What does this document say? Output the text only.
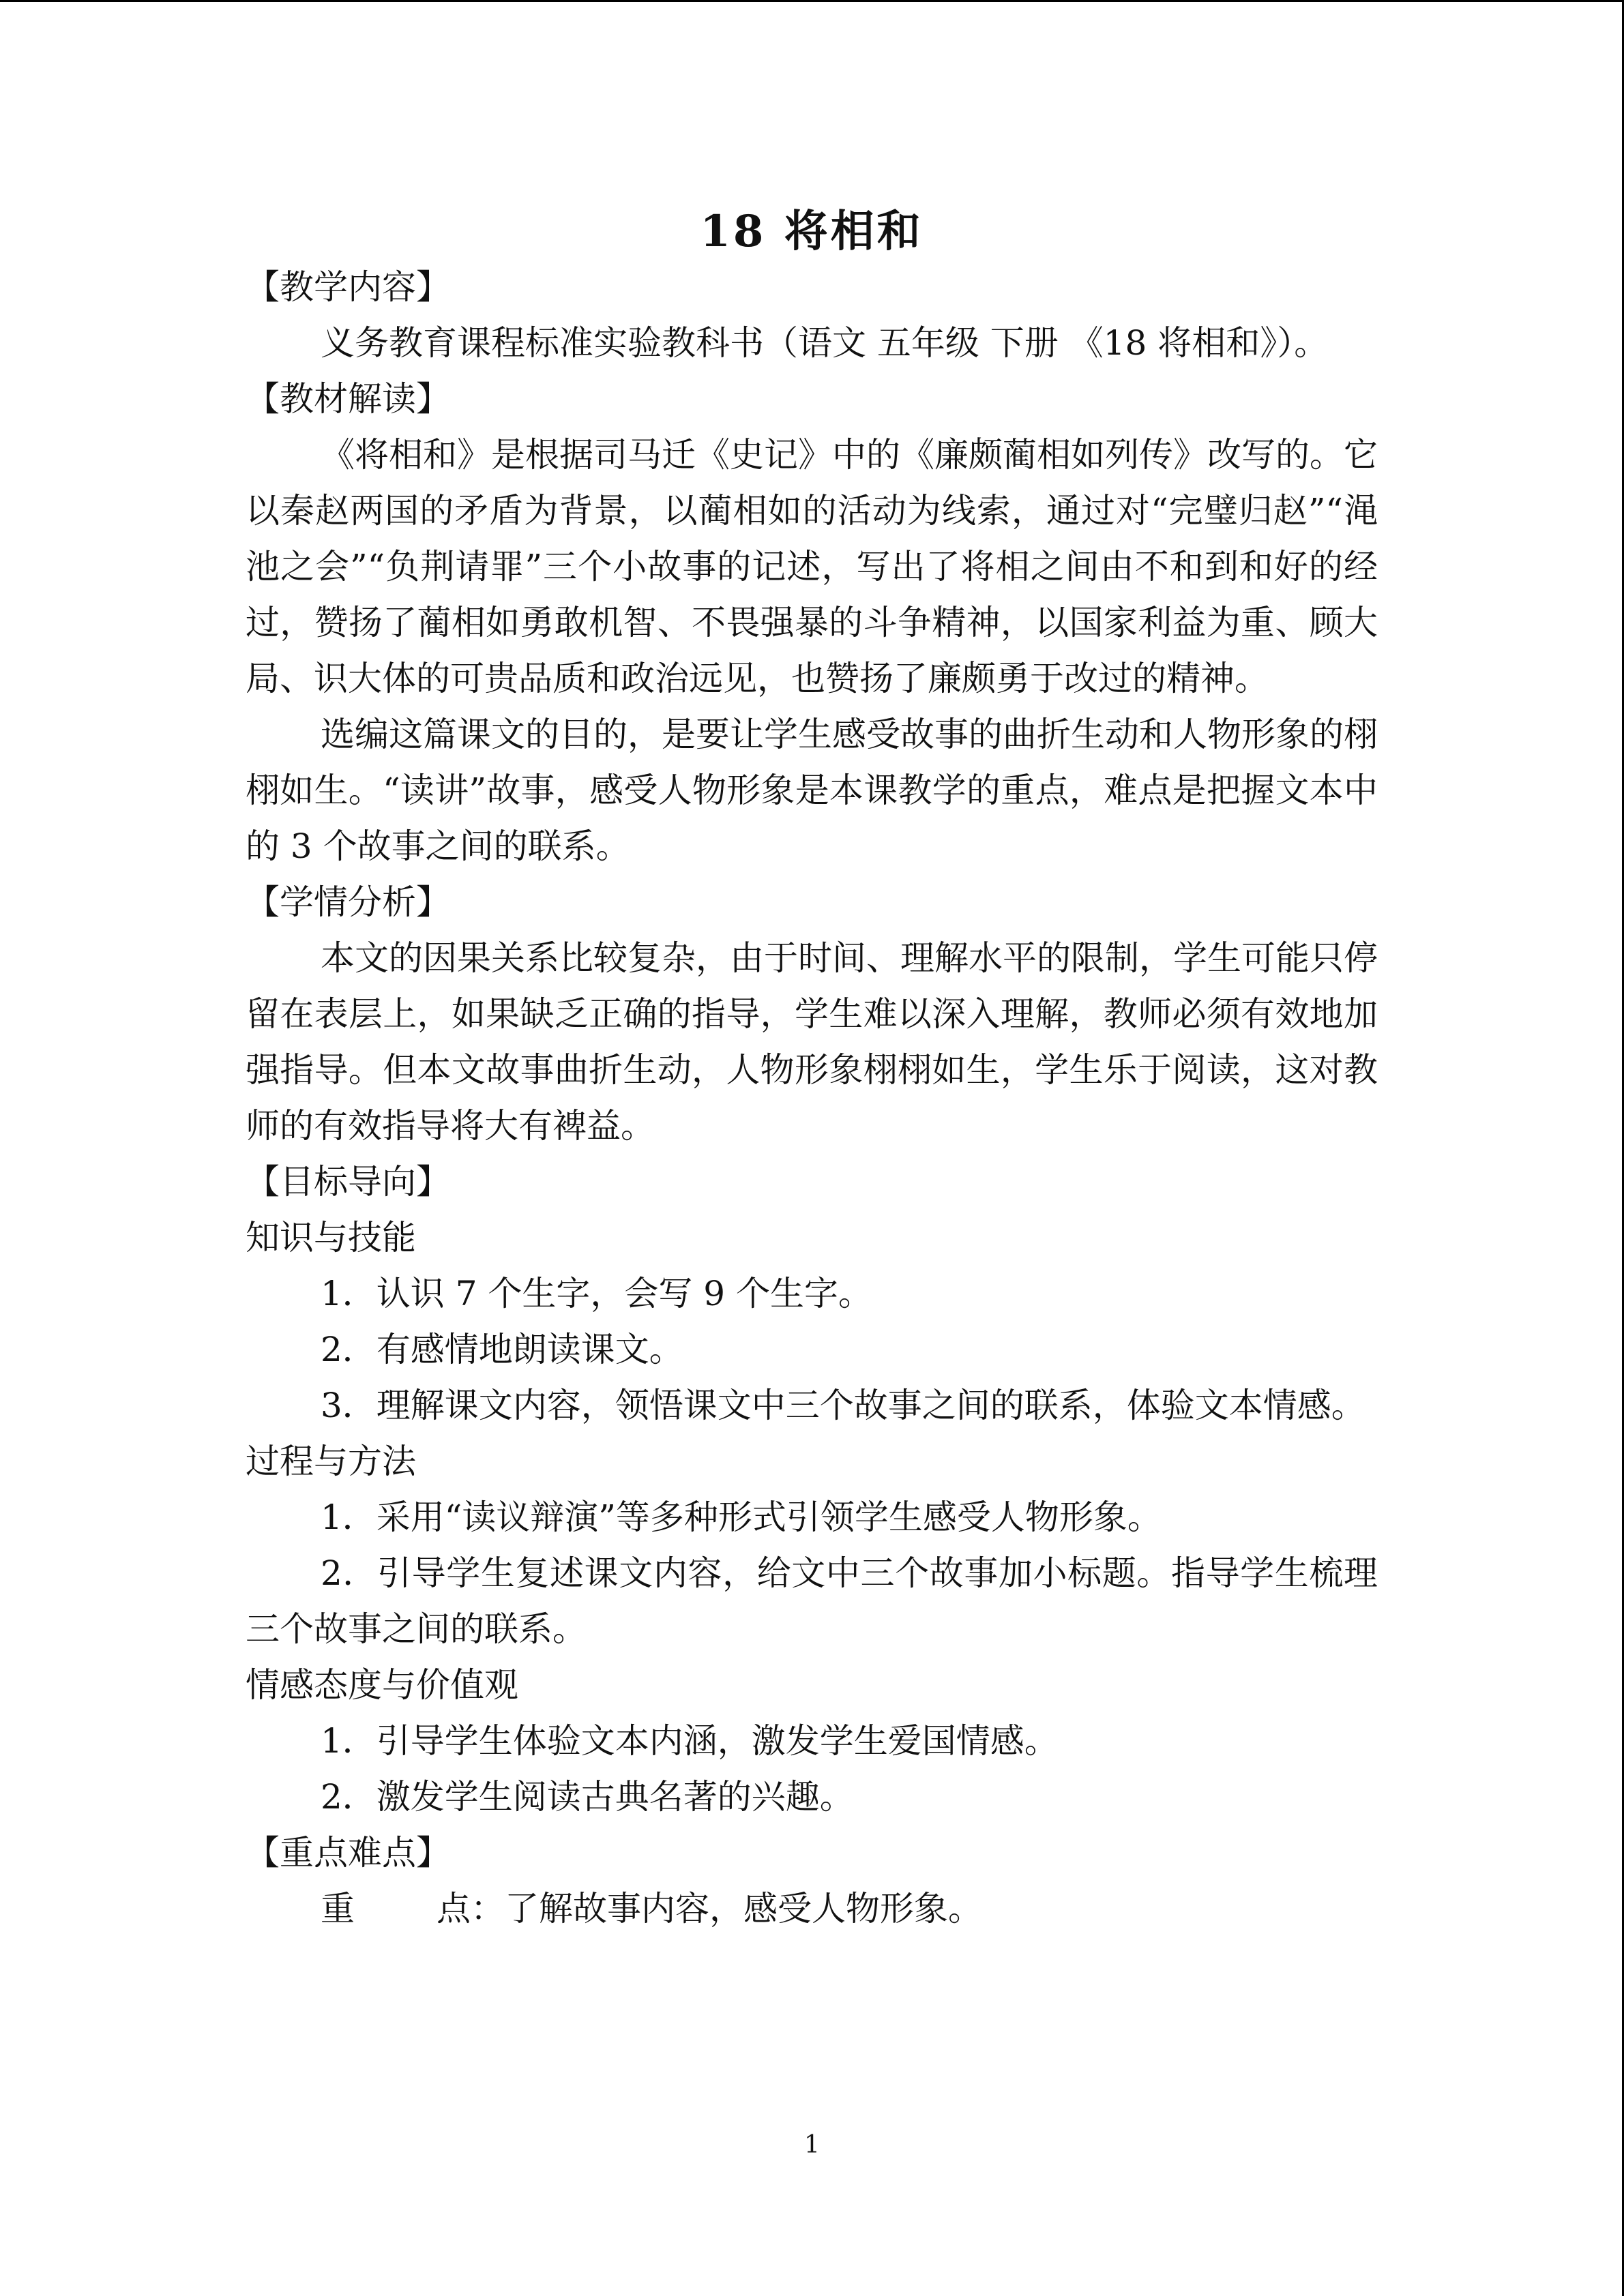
18 将相和

【教学内容】

义务教育课程标准实验教科书（语文 五年级 下册 《18 将相和》）。

【教材解读】

《将相和》是根据司马迁《史记》中的《廉颇蔺相如列传》改写的。它以秦赵两国的矛盾为背景，以蔺相如的活动为线索，通过对“完璧归赵”“渑池之会”“负荆请罪”三个小故事的记述，写出了将相之间由不和到和好的经过，赞扬了蔺相如勇敢机智、不畏强暴的斗争精神，以国家利益为重、顾大局、识大体的可贵品质和政治远见，也赞扬了廉颇勇于改过的精神。

选编这篇课文的目的，是要让学生感受故事的曲折生动和人物形象的栩栩如生。“读讲”故事，感受人物形象是本课教学的重点，难点是把握文本中的 3 个故事之间的联系。

【学情分析】

本文的因果关系比较复杂，由于时间、理解水平的限制，学生可能只停留在表层上，如果缺乏正确的指导，学生难以深入理解，教师必须有效地加强指导。但本文故事曲折生动，人物形象栩栩如生，学生乐于阅读，这对教师的有效指导将大有裨益。

【目标导向】

知识与技能

1．认识 7 个生字，会写 9 个生字。

2．有感情地朗读课文。

3．理解课文内容，领悟课文中三个故事之间的联系，体验文本情感。

过程与方法

1．采用“读议辩演”等多种形式引领学生感受人物形象。

2．引导学生复述课文内容，给文中三个故事加小标题。指导学生梳理三个故事之间的联系。

情感态度与价值观

1．引导学生体验文本内涵，激发学生爱国情感。

2．激发学生阅读古典名著的兴趣。

【重点难点】

重 点：了解故事内容，感受人物形象。

1
